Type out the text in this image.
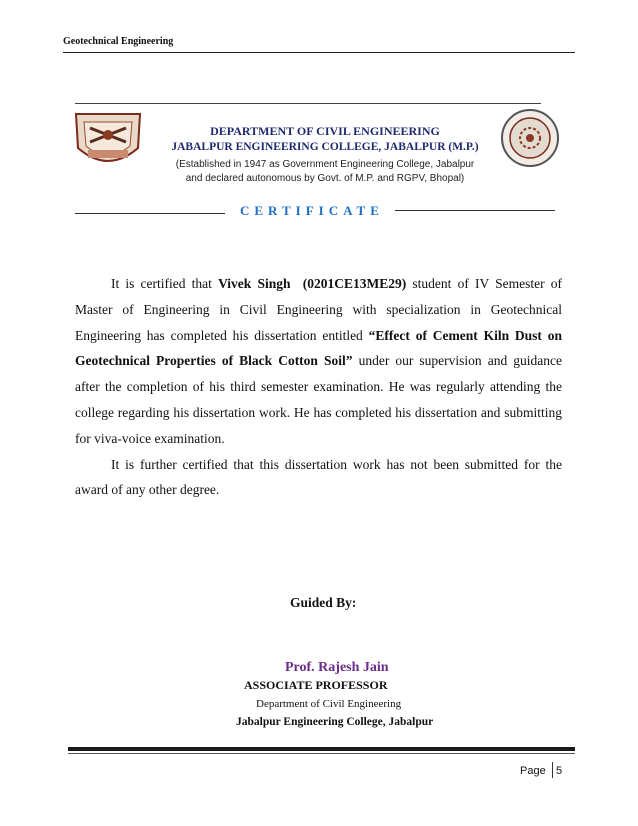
Geotechnical Engineering
DEPARTMENT OF CIVIL ENGINEERING
JABALPUR ENGINEERING COLLEGE, JABALPUR (M.P.)
(Established in 1947 as Government Engineering College, Jabalpur
and declared autonomous by Govt. of M.P. and RGPV, Bhopal)
CERTIFICATE

It is certified that Vivek Singh (0201CE13ME29) student of IV Semester of Master of Engineering in Civil Engineering with specialization in Geotechnical Engineering has completed his dissertation entitled “Effect of Cement Kiln Dust on Geotechnical Properties of Black Cotton Soil” under our supervision and guidance after the completion of his third semester examination. He was regularly attending the college regarding his dissertation work. He has completed his dissertation and submitting for viva-voice examination.

It is further certified that this dissertation work has not been submitted for the award of any other degree.

Guided By:
Prof. Rajesh Jain
ASSOCIATE PROFESSOR
Department of Civil Engineering
Jabalpur Engineering College, Jabalpur
Page 5
